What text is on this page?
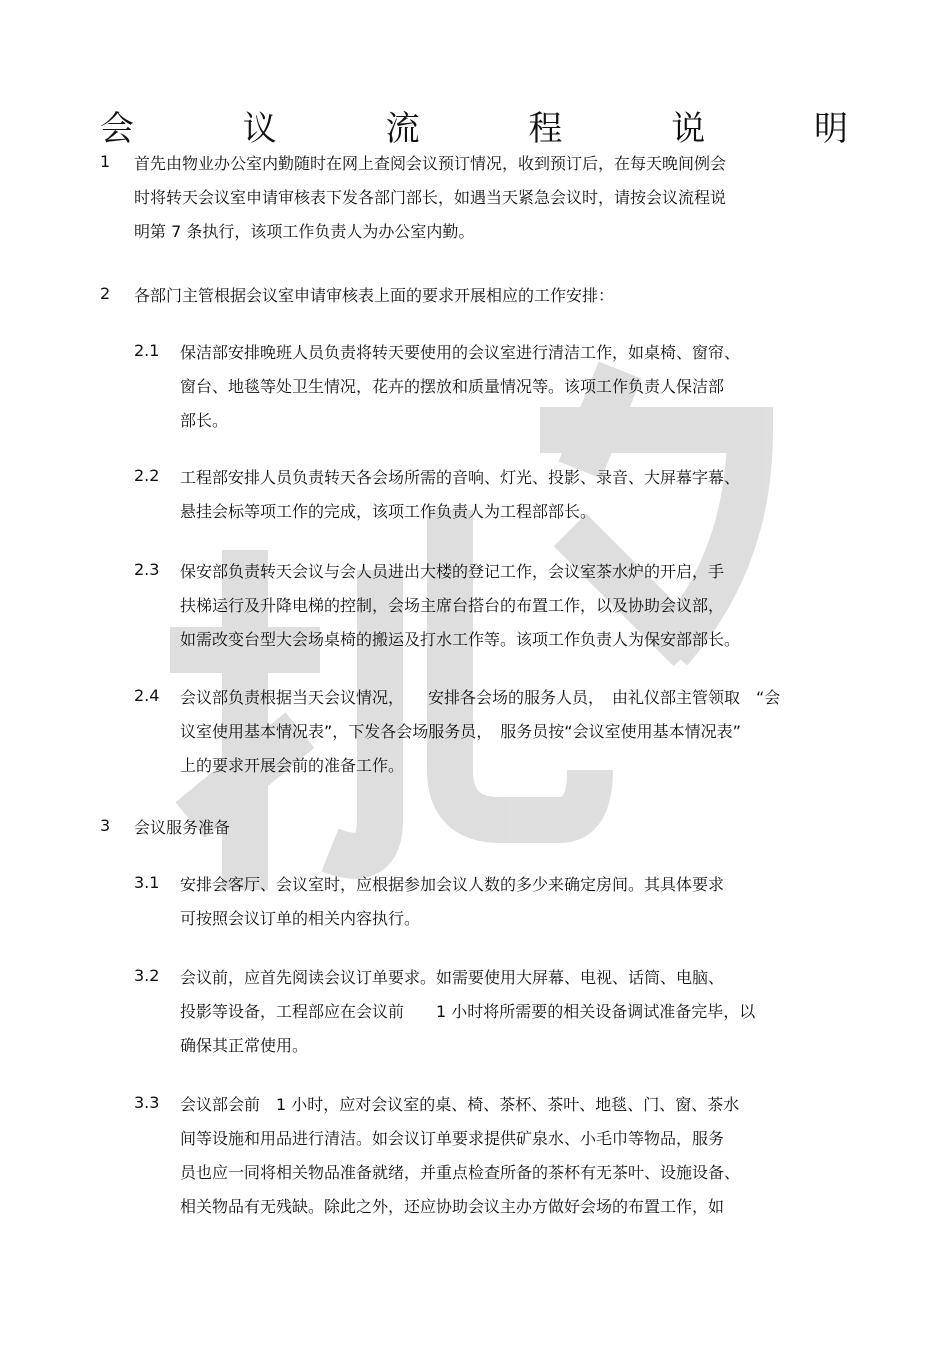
会	议	流	程	说	明
1 首先由物业办公室内勤随时在网上查阅会议预订情况，收到预订后，在每天晚间例会
时将转天会议室申请审核表下发各部门部长，如遇当天紧急会议时，请按会议流程说
明第 7 条执行，该项工作负责人为办公室内勤。
2 各部门主管根据会议室申请审核表上面的要求开展相应的工作安排：
2.1 保洁部安排晚班人员负责将转天要使用的会议室进行清洁工作，如桌椅、窗帘、
窗台、地毯等处卫生情况，花卉的摆放和质量情况等。该项工作负责人保洁部
部长。
2.2 工程部安排人员负责转天各会场所需的音响、灯光、投影、录音、大屏幕字幕、
悬挂会标等项工作的完成，该项工作负责人为工程部部长。
2.3 保安部负责转天会议与会人员进出大楼的登记工作，会议室茶水炉的开启，手
扶梯运行及升降电梯的控制，会场主席台搭台的布置工作，以及协助会议部，
如需改变台型大会场桌椅的搬运及打水工作等。该项工作负责人为保安部部长。
2.4 会议部负责根据当天会议情况，　　安排各会场的服务人员，　由礼仪部主管领取　“会
议室使用基本情况表”，下发各会场服务员，　服务员按“会议室使用基本情况表”
上的要求开展会前的准备工作。
3 会议服务准备
3.1 安排会客厅、会议室时，应根据参加会议人数的多少来确定房间。其具体要求
可按照会议订单的相关内容执行。
3.2 会议前，应首先阅读会议订单要求。如需要使用大屏幕、电视、话筒、电脑、
投影等设备，工程部应在会议前　　1 小时将所需要的相关设备调试准备完毕，以
确保其正常使用。
3.3 会议部会前　1 小时，应对会议室的桌、椅、茶杯、茶叶、地毯、门、窗、茶水
间等设施和用品进行清洁。如会议订单要求提供矿泉水、小毛巾等物品，服务
员也应一同将相关物品准备就绪，并重点检查所备的茶杯有无茶叶、设施设备、
相关物品有无残缺。除此之外，还应协助会议主办方做好会场的布置工作，如
